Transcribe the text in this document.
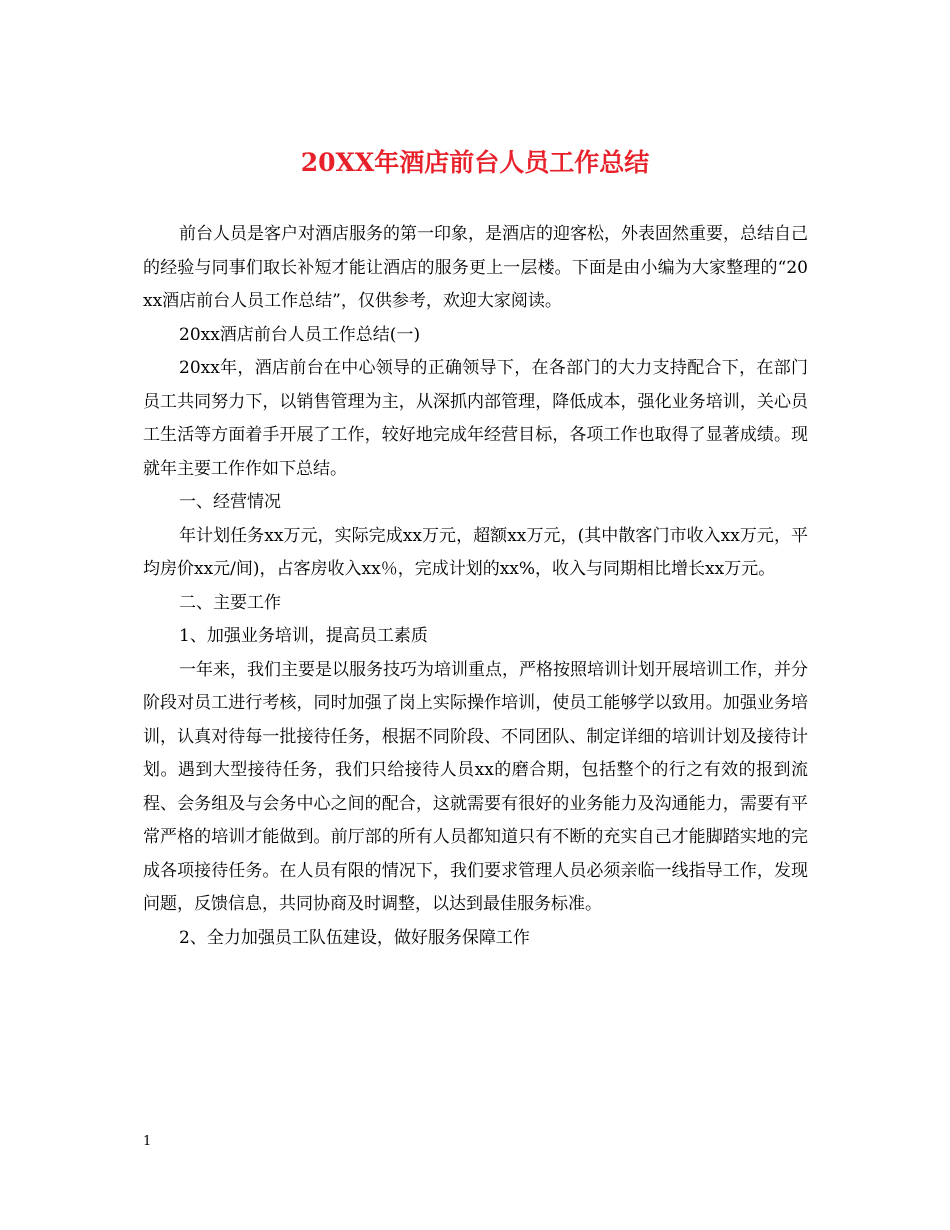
20XX年酒店前台人员工作总结

前台人员是客户对酒店服务的第一印象，是酒店的迎客松，外表固然重要，总结自己的经验与同事们取长补短才能让酒店的服务更上一层楼。下面是由小编为大家整理的“20xx酒店前台人员工作总结”，仅供参考，欢迎大家阅读。

20xx酒店前台人员工作总结(一)

20xx年，酒店前台在中心领导的正确领导下，在各部门的大力支持配合下，在部门员工共同努力下，以销售管理为主，从深抓内部管理，降低成本，强化业务培训，关心员工生活等方面着手开展了工作，较好地完成年经营目标，各项工作也取得了显著成绩。现就年主要工作作如下总结。

一、经营情况

年计划任务xx万元，实际完成xx万元，超额xx万元，(其中散客门市收入xx万元，平均房价xx元/间)，占客房收入xx％，完成计划的xx%，收入与同期相比增长xx万元。

二、主要工作

1、加强业务培训，提高员工素质

一年来，我们主要是以服务技巧为培训重点，严格按照培训计划开展培训工作，并分阶段对员工进行考核，同时加强了岗上实际操作培训，使员工能够学以致用。加强业务培训，认真对待每一批接待任务，根据不同阶段、不同团队、制定详细的培训计划及接待计划。遇到大型接待任务，我们只给接待人员xx的磨合期，包括整个的行之有效的报到流程、会务组及与会务中心之间的配合，这就需要有很好的业务能力及沟通能力，需要有平常严格的培训才能做到。前厅部的所有人员都知道只有不断的充实自己才能脚踏实地的完成各项接待任务。在人员有限的情况下，我们要求管理人员必须亲临一线指导工作，发现问题，反馈信息，共同协商及时调整，以达到最佳服务标准。

2、全力加强员工队伍建设，做好服务保障工作

1
